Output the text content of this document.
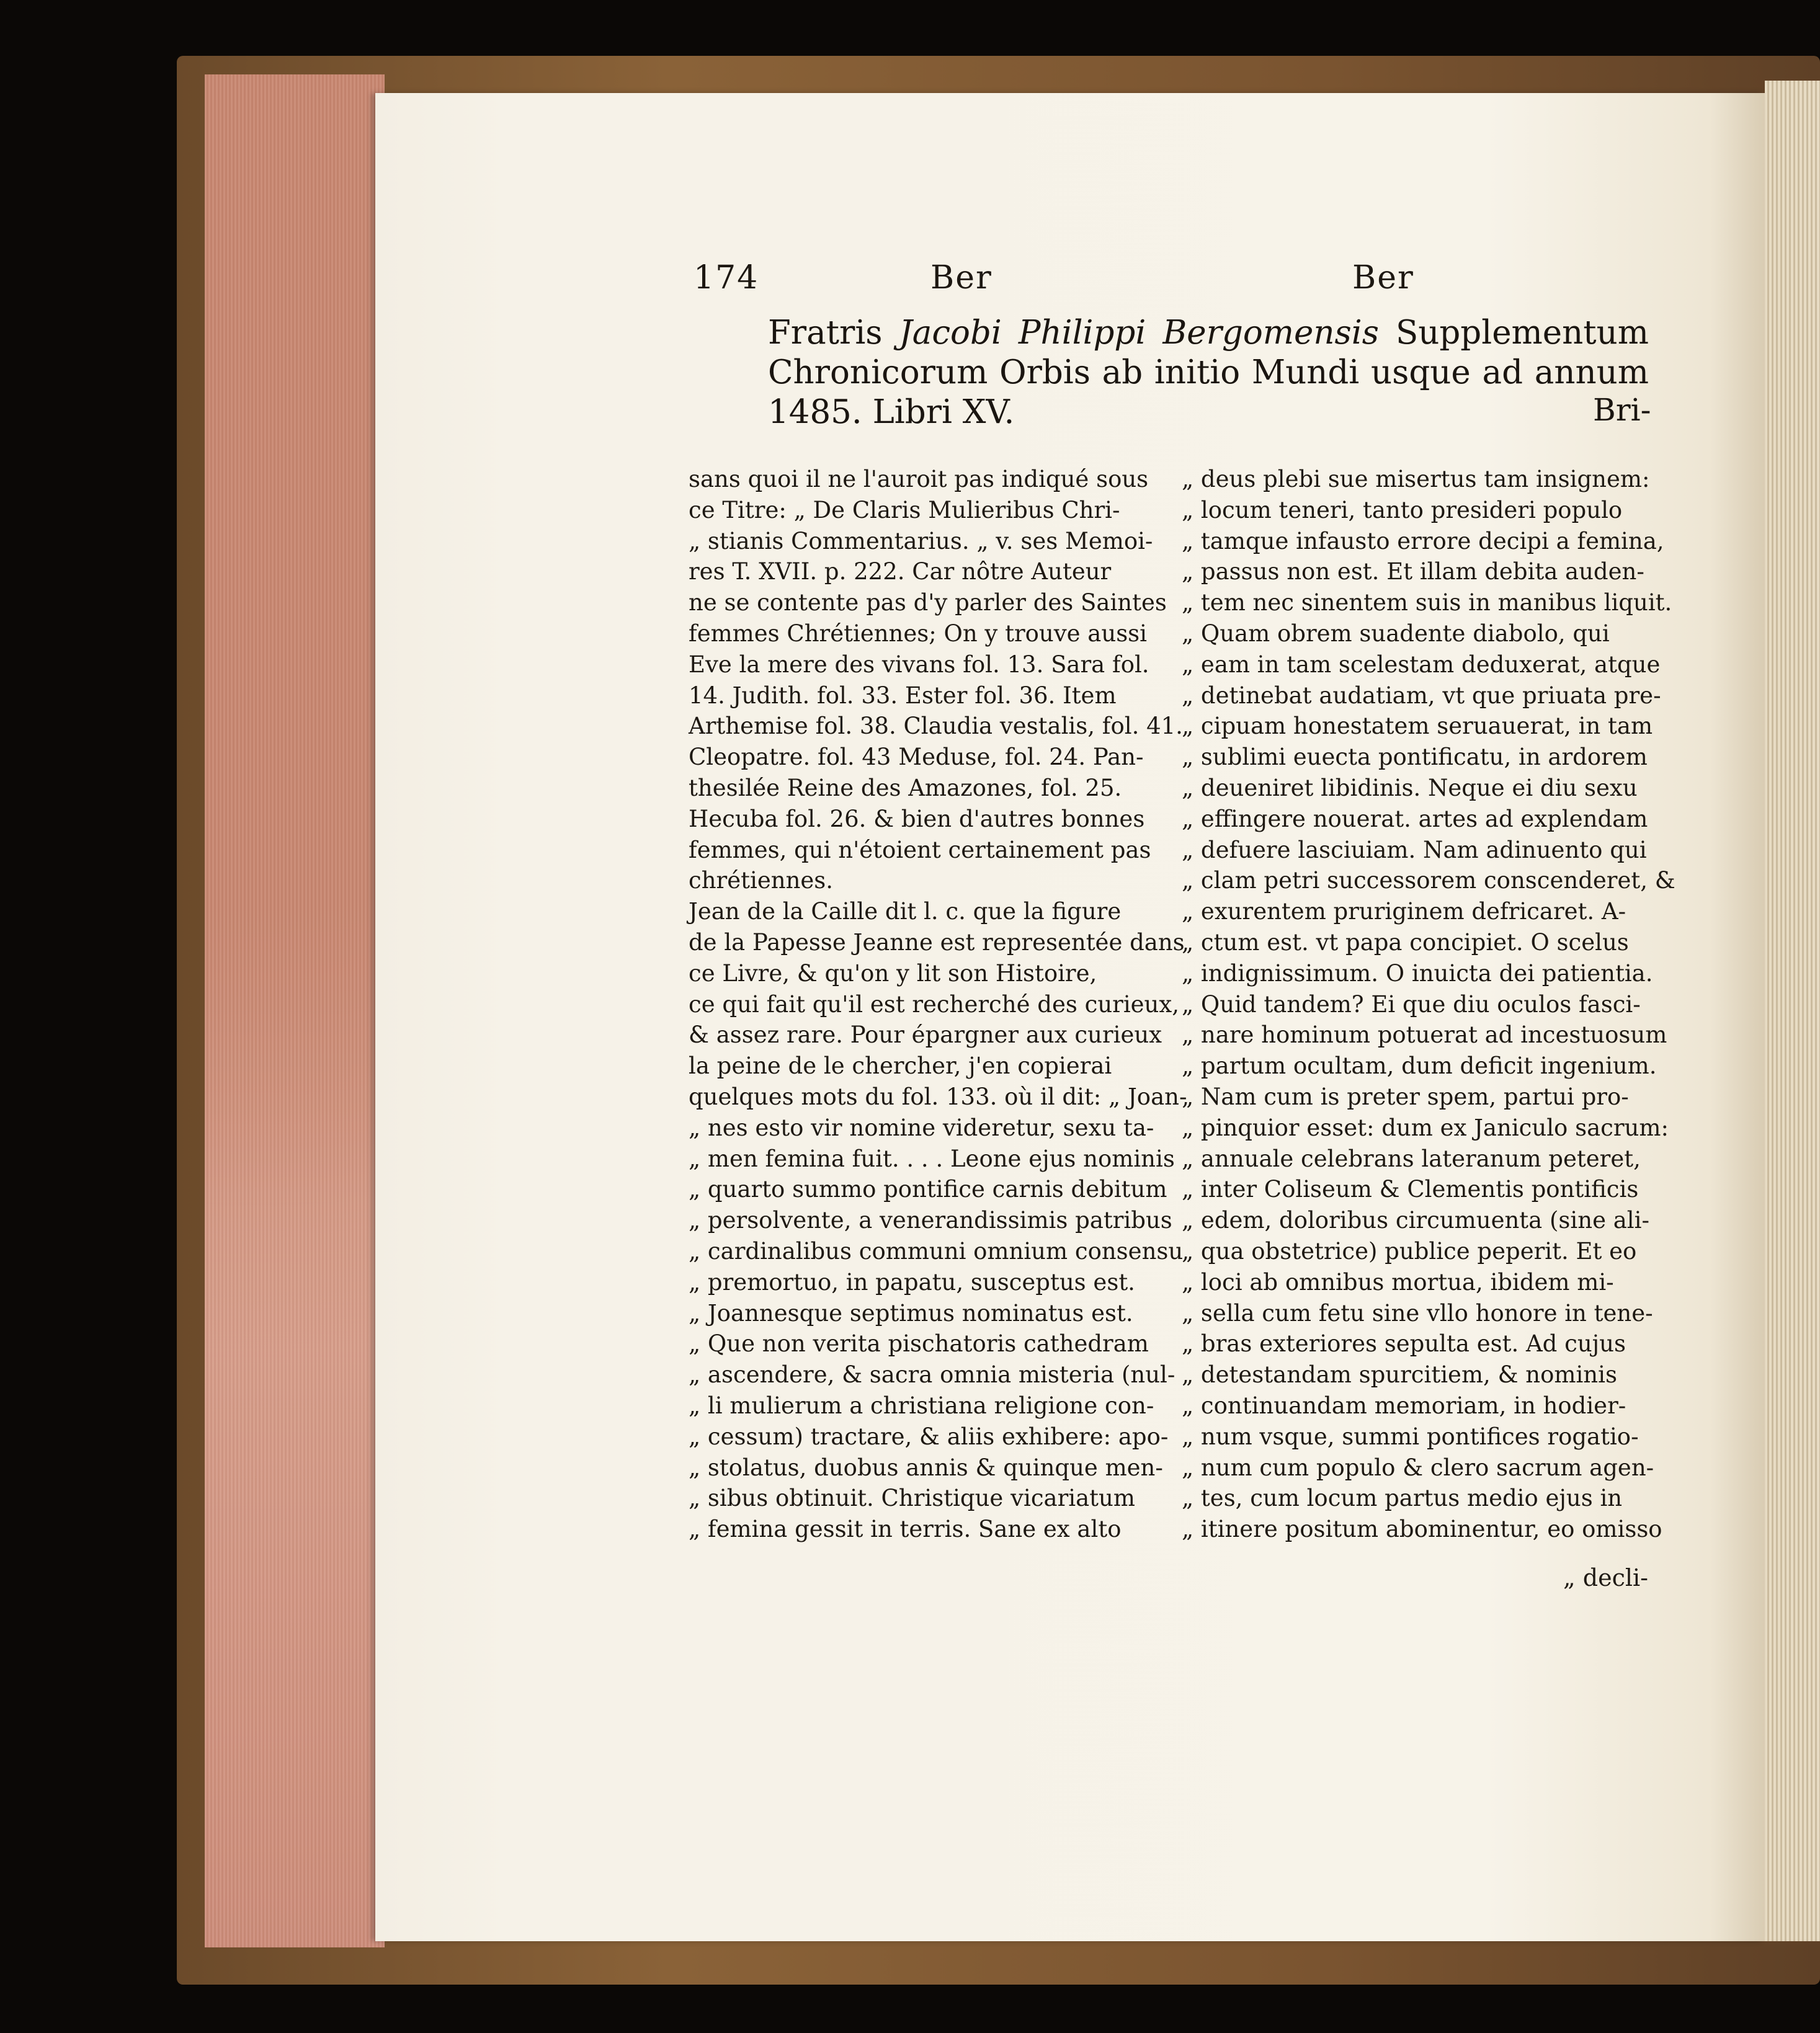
174	Ber	Ber
Fratris Jacobi Philippi Bergomensis Supplementum Chronicorum Orbis ab initio Mundi usque ad annum 1485. Libri XV.	Bri-
sans quoi il ne l'auroit pas indiqué sous
ce Titre: „ De Claris Mulieribus Chri-
„ stianis Commentarius. „ v. ses Memoi-
res T. XVII. p. 222. Car nôtre Auteur
ne se contente pas d'y parler des Saintes
femmes Chrétiennes; On y trouve aussi
Eve la mere des vivans fol. 13. Sara fol.
14. Judith. fol. 33. Ester fol. 36. Item
Arthemise fol. 38. Claudia vestalis, fol. 41.
Cleopatre. fol. 43 Meduse, fol. 24. Pan-
thesilée Reine des Amazones, fol. 25.
Hecuba fol. 26. & bien d'autres bonnes
femmes, qui n'étoient certainement pas
chrétiennes.
Jean de la Caille dit l. c. que la figure
de la Papesse Jeanne est representée dans
ce Livre, & qu'on y lit son Histoire,
ce qui fait qu'il est recherché des curieux,
& assez rare. Pour épargner aux curieux
la peine de le chercher, j'en copierai
quelques mots du fol. 133. où il dit: „ Joan-
„ nes esto vir nomine videretur, sexu ta-
„ men femina fuit. . . . Leone ejus nominis
„ quarto summo pontifice carnis debitum
„ persolvente, a venerandissimis patribus
„ cardinalibus communi omnium consensu
„ premortuo, in papatu, susceptus est.
„ Joannesque septimus nominatus est.
„ Que non verita pischatoris cathedram
„ ascendere, & sacra omnia misteria (nul-
„ li mulierum a christiana religione con-
„ cessum) tractare, & aliis exhibere: apo-
„ stolatus, duobus annis & quinque men-
„ sibus obtinuit. Christique vicariatum
„ femina gessit in terris. Sane ex alto
„ deus plebi sue misertus tam insignem:
„ locum teneri, tanto presideri populo
„ tamque infausto errore decipi a femina,
„ passus non est. Et illam debita auden-
„ tem nec sinentem suis in manibus liquit.
„ Quam obrem suadente diabolo, qui
„ eam in tam scelestam deduxerat, atque
„ detinebat audatiam, vt que priuata pre-
„ cipuam honestatem seruauerat, in tam
„ sublimi euecta pontificatu, in ardorem
„ deueniret libidinis. Neque ei diu sexu
„ effingere nouerat. artes ad explendam
„ defuere lasciuiam. Nam adinuento qui
„ clam petri successorem conscenderet, &
„ exurentem pruriginem defricaret. A-
„ ctum est. vt papa concipiet. O scelus
„ indignissimum. O inuicta dei patientia.
„ Quid tandem? Ei que diu oculos fasci-
„ nare hominum potuerat ad incestuosum
„ partum ocultam, dum deficit ingenium.
„ Nam cum is preter spem, partui pro-
„ pinquior esset: dum ex Janiculo sacrum:
„ annuale celebrans lateranum peteret,
„ inter Coliseum & Clementis pontificis
„ edem, doloribus circumuenta (sine ali-
„ qua obstetrice) publice peperit. Et eo
„ loci ab omnibus mortua, ibidem mi-
„ sella cum fetu sine vllo honore in tene-
„ bras exteriores sepulta est. Ad cujus
„ detestandam spurcitiem, & nominis
„ continuandam memoriam, in hodier-
„ num vsque, summi pontifices rogatio-
„ num cum populo & clero sacrum agen-
„ tes, cum locum partus medio ejus in
„ itinere positum abominentur, eo omisso
„ decli-
